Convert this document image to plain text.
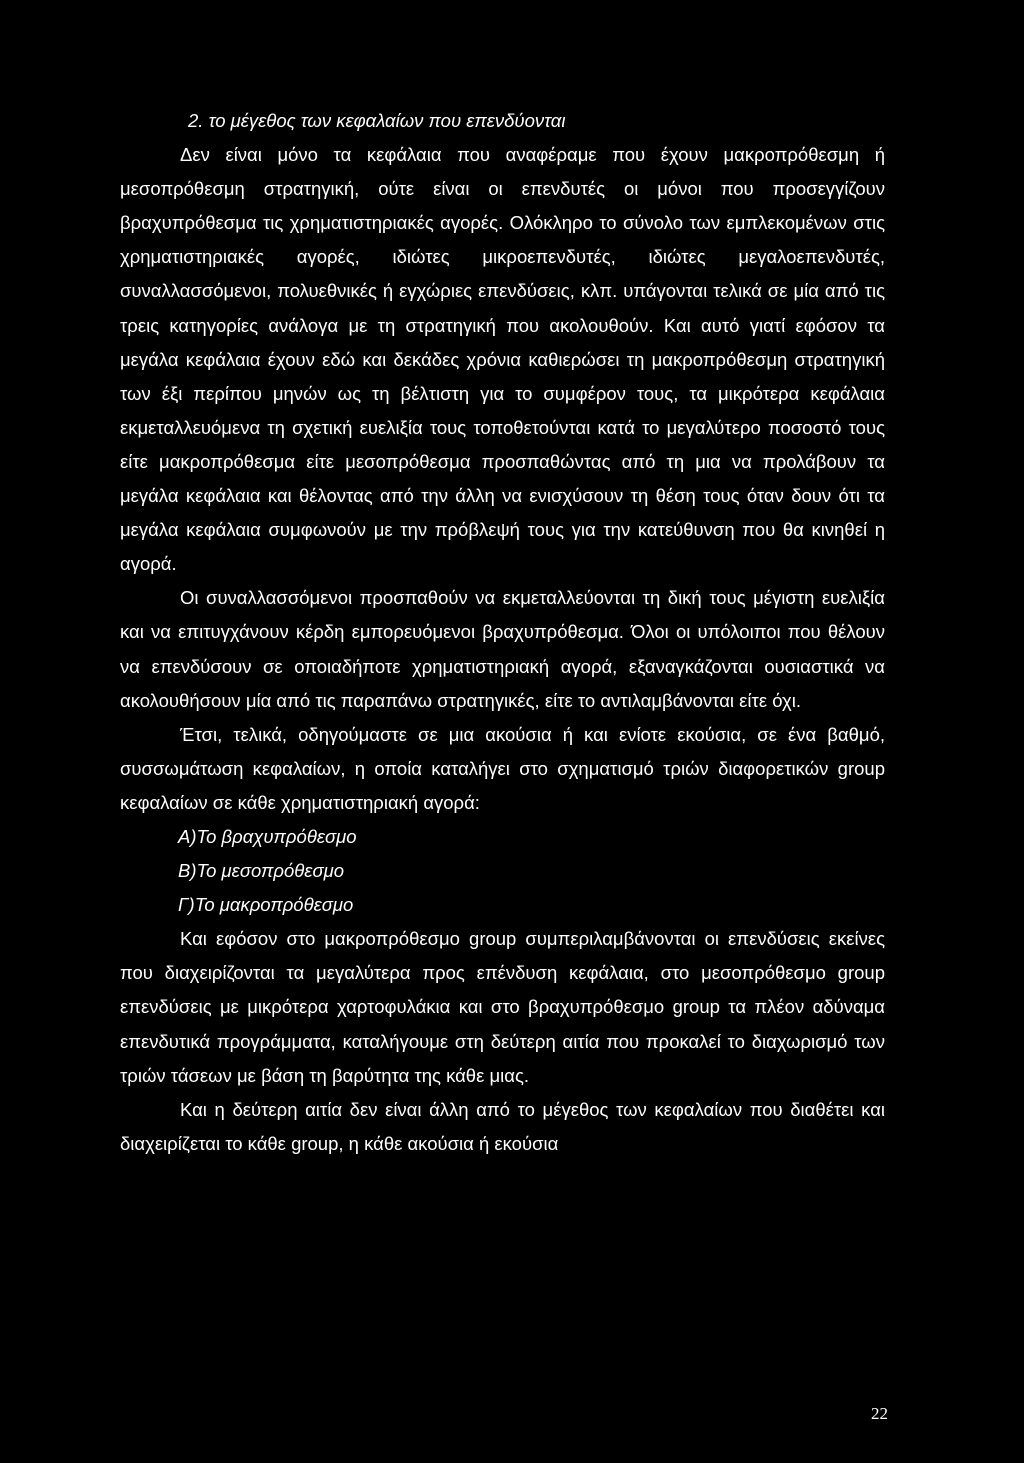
2. το μέγεθος των κεφαλαίων που επενδύονται

Δεν είναι μόνο τα κεφάλαια που αναφέραμε που έχουν μακροπρόθεσμη ή μεσοπρόθεσμη στρατηγική, ούτε είναι οι επενδυτές οι μόνοι που προσεγγίζουν βραχυπρόθεσμα τις χρηματιστηριακές αγορές. Ολόκληρο το σύνολο των εμπλεκομένων στις χρηματιστηριακές αγορές, ιδιώτες μικροεπενδυτές, ιδιώτες μεγαλοεπενδυτές, συναλλασσόμενοι, πολυεθνικές ή εγχώριες επενδύσεις, κλπ. υπάγονται τελικά σε μία από τις τρεις κατηγορίες ανάλογα με τη στρατηγική που ακολουθούν. Και αυτό γιατί εφόσον τα μεγάλα κεφάλαια έχουν εδώ και δεκάδες χρόνια καθιερώσει τη μακροπρόθεσμη στρατηγική των έξι περίπου μηνών ως τη βέλτιστη για το συμφέρον τους, τα μικρότερα κεφάλαια εκμεταλλευόμενα τη σχετική ευελιξία τους τοποθετούνται κατά το μεγαλύτερο ποσοστό τους είτε μακροπρόθεσμα είτε μεσοπρόθεσμα προσπαθώντας από τη μια να προλάβουν τα μεγάλα κεφάλαια και θέλοντας από την άλλη να ενισχύσουν τη θέση τους όταν δουν ότι τα μεγάλα κεφάλαια συμφωνούν με την πρόβλεψή τους για την κατεύθυνση που θα κινηθεί η αγορά.

Οι συναλλασσόμενοι προσπαθούν να εκμεταλλεύονται τη δική τους μέγιστη ευελιξία και να επιτυγχάνουν κέρδη εμπορευόμενοι βραχυπρόθεσμα. Όλοι οι υπόλοιποι που θέλουν να επενδύσουν σε οποιαδήποτε χρηματιστηριακή αγορά, εξαναγκάζονται ουσιαστικά να ακολουθήσουν μία από τις παραπάνω στρατηγικές, είτε το αντιλαμβάνονται είτε όχι.

Έτσι, τελικά, οδηγούμαστε σε μια ακούσια ή και ενίοτε εκούσια, σε ένα βαθμό, συσσωμάτωση κεφαλαίων, η οποία καταλήγει στο σχηματισμό τριών διαφορετικών group κεφαλαίων σε κάθε χρηματιστηριακή αγορά:

Α)Το βραχυπρόθεσμο

Β)Το μεσοπρόθεσμο

Γ)Το μακροπρόθεσμο

Και εφόσον στο μακροπρόθεσμο group συμπεριλαμβάνονται οι επενδύσεις εκείνες που διαχειρίζονται τα μεγαλύτερα προς επένδυση κεφάλαια, στο μεσοπρόθεσμο group επενδύσεις με μικρότερα χαρτοφυλάκια και στο βραχυπρόθεσμο group τα πλέον αδύναμα επενδυτικά προγράμματα, καταλήγουμε στη δεύτερη αιτία που προκαλεί το διαχωρισμό των τριών τάσεων με βάση τη βαρύτητα της κάθε μιας.

Και η δεύτερη αιτία δεν είναι άλλη από το μέγεθος των κεφαλαίων που διαθέτει και διαχειρίζεται το κάθε group, η κάθε ακούσια ή εκούσια

22
